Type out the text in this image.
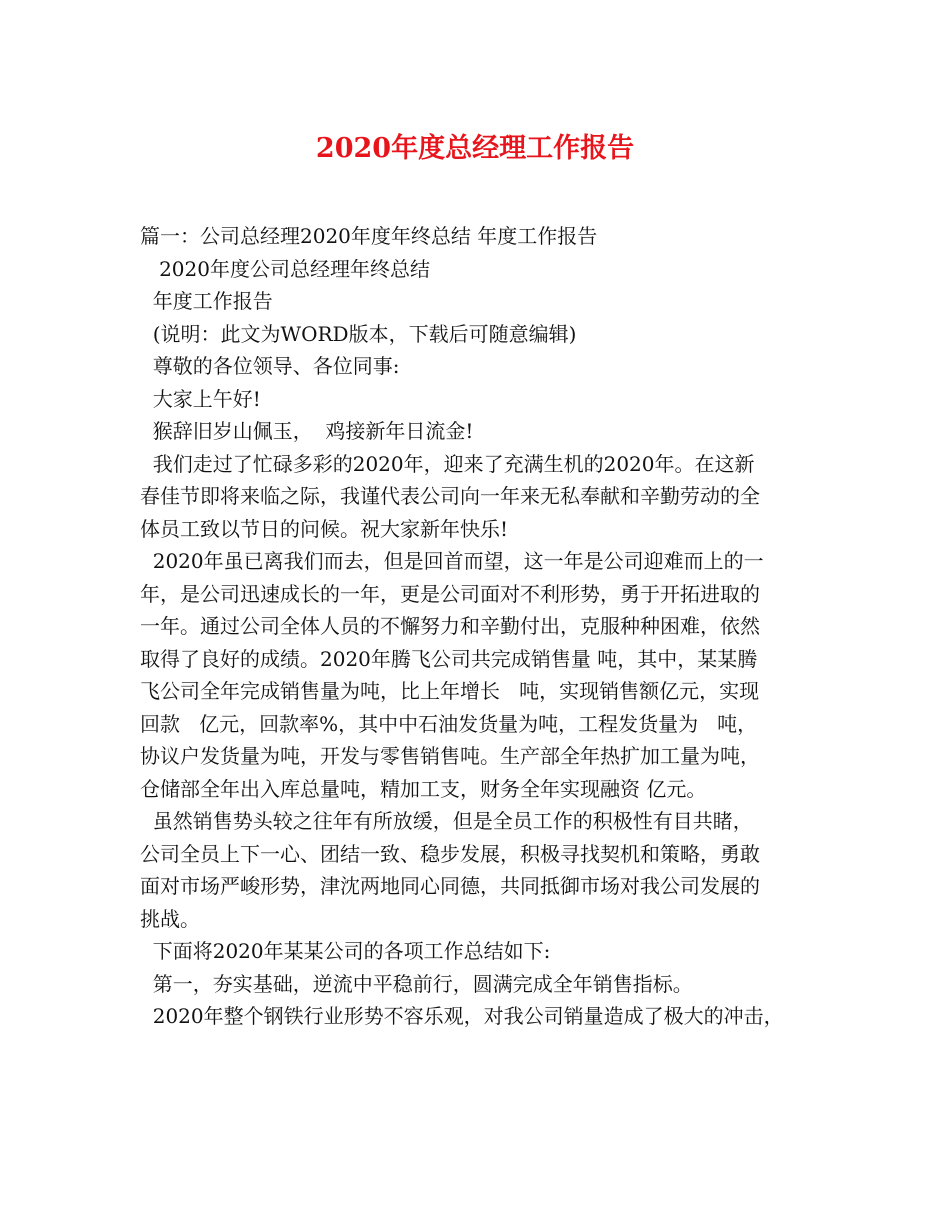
2020年度总经理工作报告

篇一：公司总经理2020年度年终总结 年度工作报告

2020年度公司总经理年终总结

年度工作报告

(说明：此文为WORD版本，下载后可随意编辑)

尊敬的各位领导、各位同事:

大家上午好!

猴辞旧岁山佩玉，  鸡接新年日流金!

我们走过了忙碌多彩的2020年，迎来了充满生机的2020年。在这新

春佳节即将来临之际，我谨代表公司向一年来无私奉献和辛勤劳动的全

体员工致以节日的问候。祝大家新年快乐!

2020年虽已离我们而去，但是回首而望，这一年是公司迎难而上的一

年，是公司迅速成长的一年，更是公司面对不利形势，勇于开拓进取的

一年。通过公司全体人员的不懈努力和辛勤付出，克服种种困难，依然

取得了良好的成绩。2020年腾飞公司共完成销售量 吨，其中，某某腾

飞公司全年完成销售量为吨，比上年增长   吨，实现销售额亿元，实现

回款   亿元，回款率%，其中中石油发货量为吨，工程发货量为   吨，

协议户发货量为吨，开发与零售销售吨。生产部全年热扩加工量为吨，

仓储部全年出入库总量吨，精加工支，财务全年实现融资 亿元。

虽然销售势头较之往年有所放缓，但是全员工作的积极性有目共睹，

公司全员上下一心、团结一致、稳步发展，积极寻找契机和策略，勇敢

面对市场严峻形势，津沈两地同心同德，共同抵御市场对我公司发展的

挑战。

下面将2020年某某公司的各项工作总结如下:

第一，夯实基础，逆流中平稳前行，圆满完成全年销售指标。

2020年整个钢铁行业形势不容乐观，对我公司销量造成了极大的冲击，
